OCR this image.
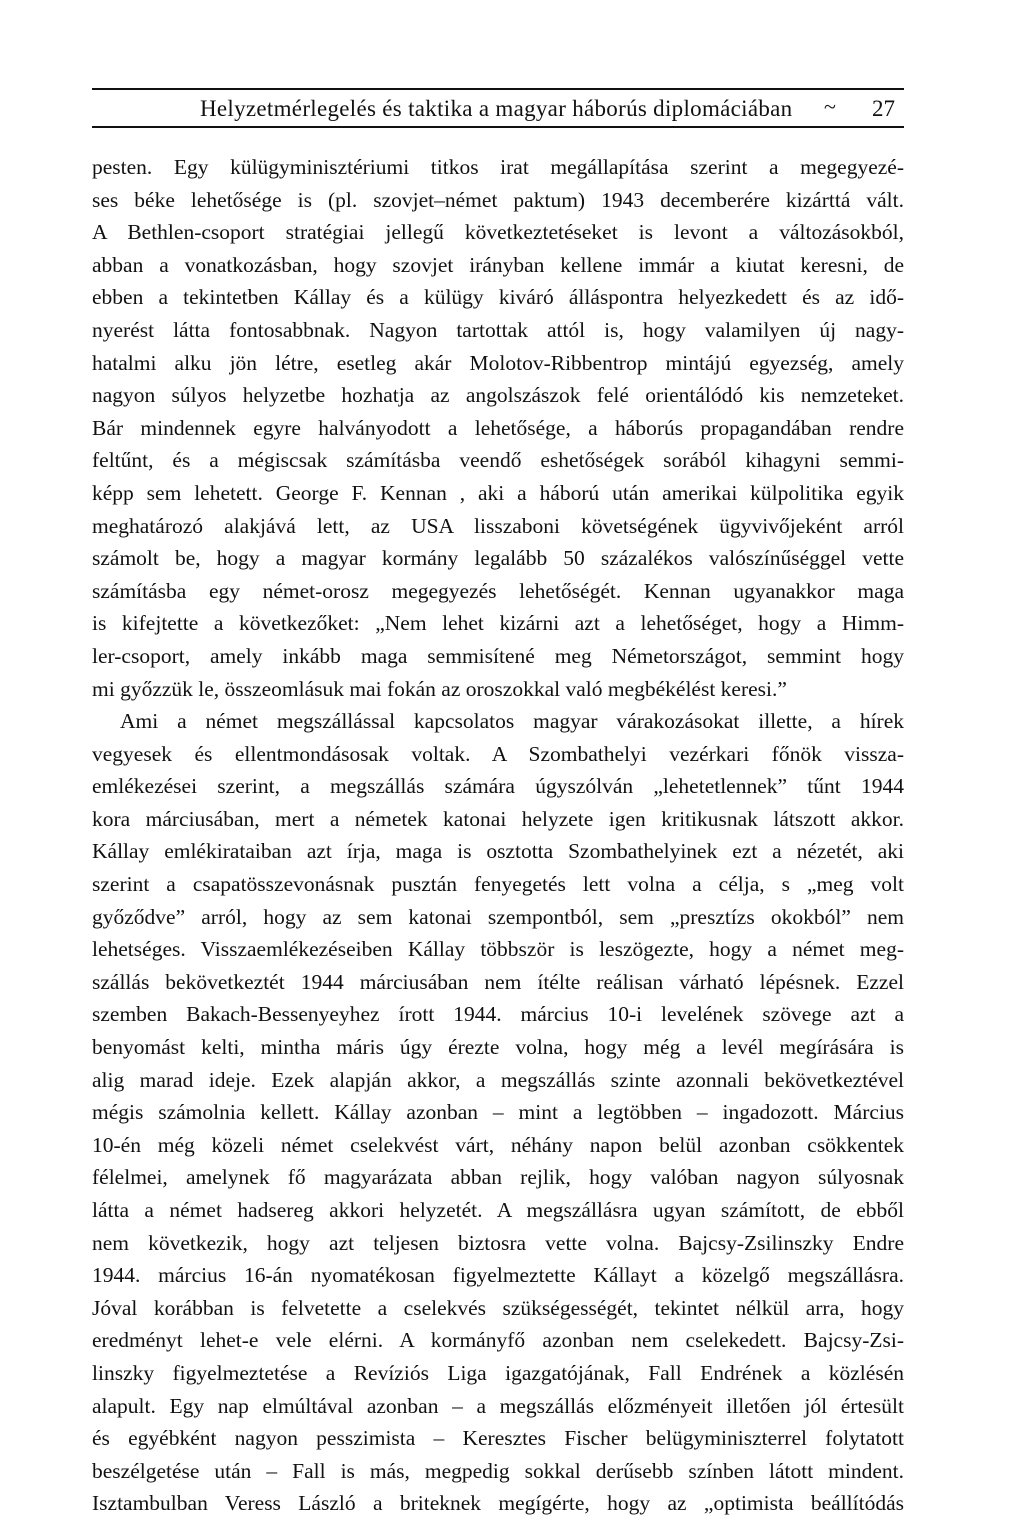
Helyzetmérlegelés és taktika a magyar háborús diplomáciában ~ 27
pesten. Egy külügyminisztériumi titkos irat megállapítása szerint a megegyezé-
ses béke lehetősége is (pl. szovjet–német paktum) 1943 decemberére kizárttá vált.
A Bethlen-csoport stratégiai jellegű következtetéseket is levont a változásokból,
abban a vonatkozásban, hogy szovjet irányban kellene immár a kiutat keresni, de
ebben a tekintetben Kállay és a külügy kiváró álláspontra helyezkedett és az idő-
nyerést látta fontosabbnak. Nagyon tartottak attól is, hogy valamilyen új nagy-
hatalmi alku jön létre, esetleg akár Molotov-Ribbentrop mintájú egyezség, amely
nagyon súlyos helyzetbe hozhatja az angolszászok felé orientálódó kis nemzeteket.
Bár mindennek egyre halványodott a lehetősége, a háborús propagandában rendre
feltűnt, és a mégiscsak számításba veendő eshetőségek sorából kihagyni semmi-
képp sem lehetett. George F. Kennan , aki a háború után amerikai külpolitika egyik
meghatározó alakjává lett, az USA lisszaboni követségének ügyvivőjeként arról
számolt be, hogy a magyar kormány legalább 50 százalékos valószínűséggel vette
számításba egy német-orosz megegyezés lehetőségét. Kennan ugyanakkor maga
is kifejtette a következőket: „Nem lehet kizárni azt a lehetőséget, hogy a Himm-
ler-csoport, amely inkább maga semmisítené meg Németországot, semmint hogy
mi győzzük le, összeomlásuk mai fokán az oroszokkal való megbékélést keresi.”
Ami a német megszállással kapcsolatos magyar várakozásokat illette, a hírek
vegyesek és ellentmondásosak voltak. A Szombathelyi vezérkari főnök vissza-
emlékezései szerint, a megszállás számára úgyszólván „lehetetlennek” tűnt 1944
kora márciusában, mert a németek katonai helyzete igen kritikusnak látszott akkor.
Kállay emlékirataiban azt írja, maga is osztotta Szombathelyinek ezt a nézetét, aki
szerint a csapatösszevonásnak pusztán fenyegetés lett volna a célja, s „meg volt
győződve” arról, hogy az sem katonai szempontból, sem „presztízs okokból” nem
lehetséges. Visszaemlékezéseiben Kállay többször is leszögezte, hogy a német meg-
szállás bekövetkeztét 1944 márciusában nem ítélte reálisan várható lépésnek. Ezzel
szemben Bakach-Bessenyeyhez írott 1944. március 10-i levelének szövege azt a
benyomást kelti, mintha máris úgy érezte volna, hogy még a levél megírására is
alig marad ideje. Ezek alapján akkor, a megszállás szinte azonnali bekövetkeztével
mégis számolnia kellett. Kállay azonban – mint a legtöbben – ingadozott. Március
10-én még közeli német cselekvést várt, néhány napon belül azonban csökkentek
félelmei, amelynek fő magyarázata abban rejlik, hogy valóban nagyon súlyosnak
látta a német hadsereg akkori helyzetét. A megszállásra ugyan számított, de ebből
nem következik, hogy azt teljesen biztosra vette volna. Bajcsy-Zsilinszky Endre
1944. március 16-án nyomatékosan figyelmeztette Kállayt a közelgő megszállásra.
Jóval korábban is felvetette a cselekvés szükségességét, tekintet nélkül arra, hogy
eredményt lehet-e vele elérni. A kormányfő azonban nem cselekedett. Bajcsy-Zsi-
linszky figyelmeztetése a Revíziós Liga igazgatójának, Fall Endrének a közlésén
alapult. Egy nap elmúltával azonban – a megszállás előzményeit illetően jól értesült
és egyébként nagyon pesszimista – Keresztes Fischer belügyminiszterrel folytatott
beszélgetése után – Fall is más, megpedig sokkal derűsebb színben látott mindent.
Isztambulban Veress László a briteknek megígérte, hogy az „optimista beállítódás
